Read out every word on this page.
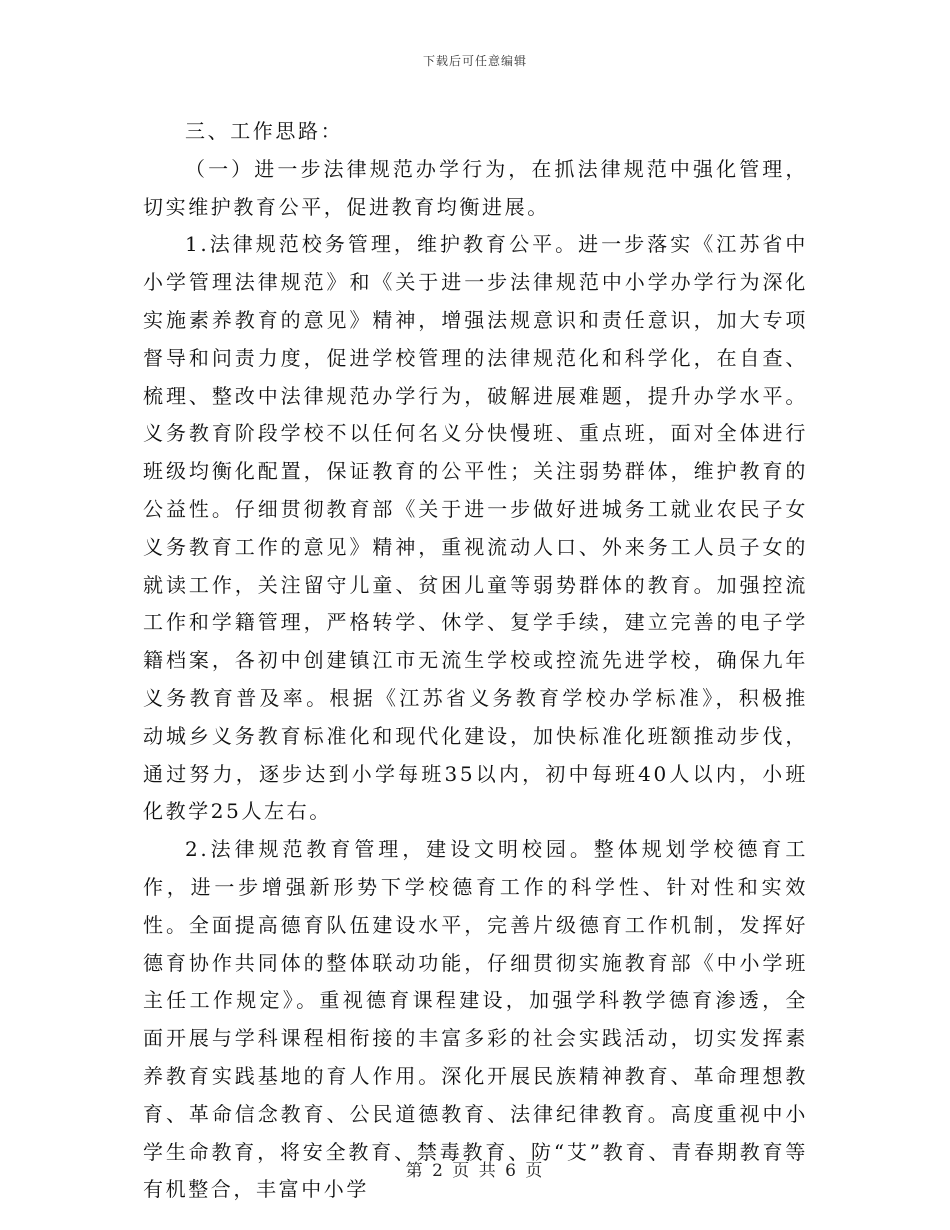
下载后可任意编辑

三、工作思路：

（一）进一步法律规范办学行为，在抓法律规范中强化管理，切实维护教育公平，促进教育均衡进展。

1.法律规范校务管理，维护教育公平。进一步落实《江苏省中小学管理法律规范》和《关于进一步法律规范中小学办学行为深化实施素养教育的意见》精神，增强法规意识和责任意识，加大专项督导和问责力度，促进学校管理的法律规范化和科学化，在自查、梳理、整改中法律规范办学行为，破解进展难题，提升办学水平。义务教育阶段学校不以任何名义分快慢班、重点班，面对全体进行班级均衡化配置，保证教育的公平性；关注弱势群体，维护教育的公益性。仔细贯彻教育部《关于进一步做好进城务工就业农民子女义务教育工作的意见》精神，重视流动人口、外来务工人员子女的就读工作，关注留守儿童、贫困儿童等弱势群体的教育。加强控流工作和学籍管理，严格转学、休学、复学手续，建立完善的电子学籍档案，各初中创建镇江市无流生学校或控流先进学校，确保九年义务教育普及率。根据《江苏省义务教育学校办学标准》，积极推动城乡义务教育标准化和现代化建设，加快标准化班额推动步伐，通过努力，逐步达到小学每班35以内，初中每班40人以内，小班化教学25人左右。

2.法律规范教育管理，建设文明校园。整体规划学校德育工作，进一步增强新形势下学校德育工作的科学性、针对性和实效性。全面提高德育队伍建设水平，完善片级德育工作机制，发挥好德育协作共同体的整体联动功能，仔细贯彻实施教育部《中小学班主任工作规定》。重视德育课程建设，加强学科教学德育渗透，全面开展与学科课程相衔接的丰富多彩的社会实践活动，切实发挥素养教育实践基地的育人作用。深化开展民族精神教育、革命理想教育、革命信念教育、公民道德教育、法律纪律教育。高度重视中小学生命教育，将安全教育、禁毒教育、防“艾”教育、青春期教育等有机整合，丰富中小学

第 2 页 共 6 页
